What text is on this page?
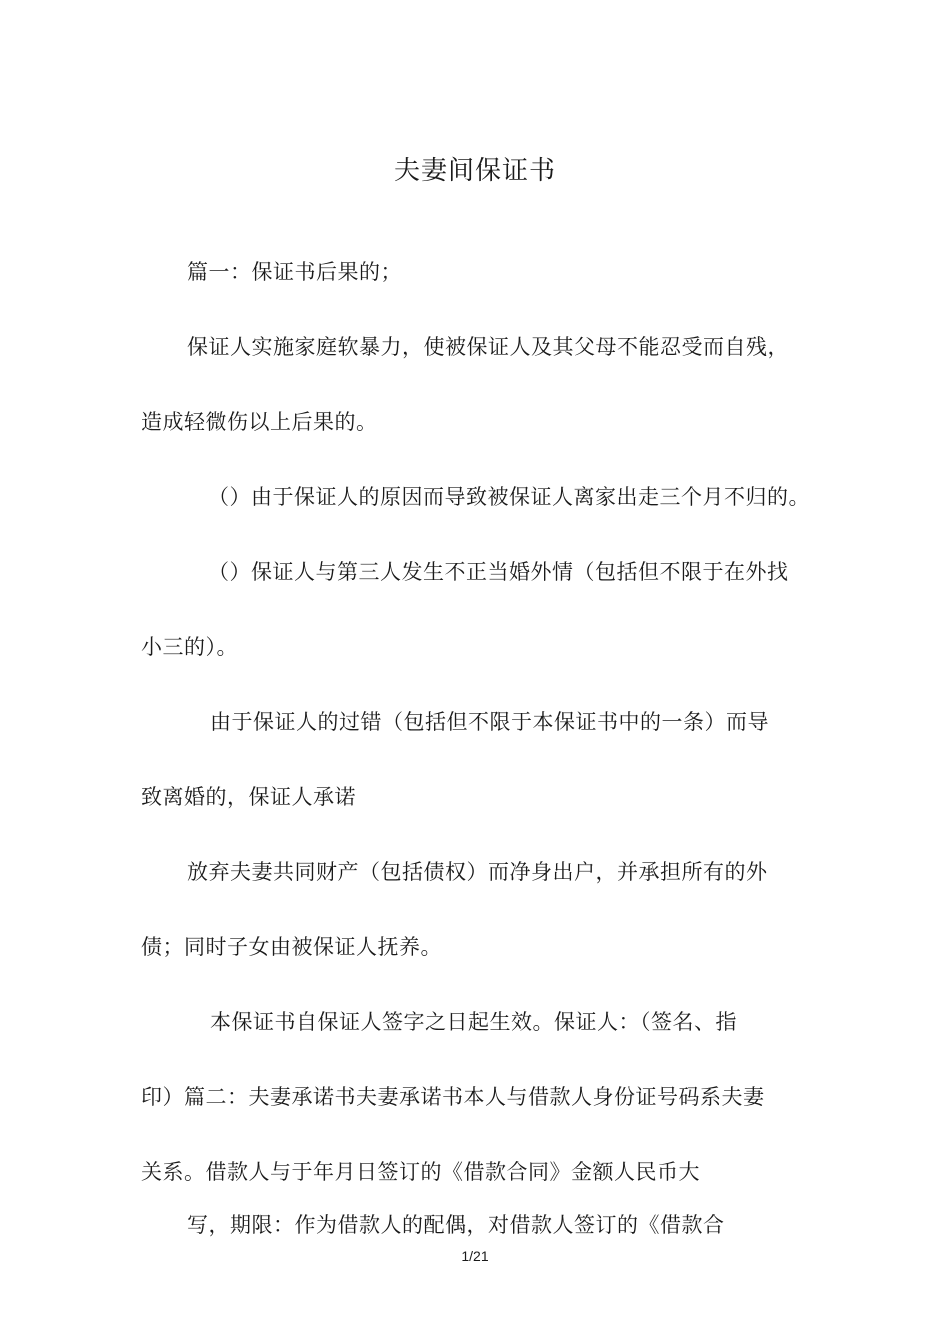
夫妻间保证书
篇一：保证书后果的；
保证人实施家庭软暴力，使被保证人及其父母不能忍受而自残，
造成轻微伤以上后果的。
（）由于保证人的原因而导致被保证人离家出走三个月不归的。
（）保证人与第三人发生不正当婚外情（包括但不限于在外找
小三的）。
由于保证人的过错（包括但不限于本保证书中的一条）而导
致离婚的，保证人承诺
放弃夫妻共同财产（包括债权）而净身出户，并承担所有的外
债；同时子女由被保证人抚养。
本保证书自保证人签字之日起生效。保证人：（签名、指
印）篇二：夫妻承诺书夫妻承诺书本人与借款人身份证号码系夫妻
关系。借款人与于年月日签订的《借款合同》金额人民币大
写，期限：作为借款人的配偶，对借款人签订的《借款合
1/21
